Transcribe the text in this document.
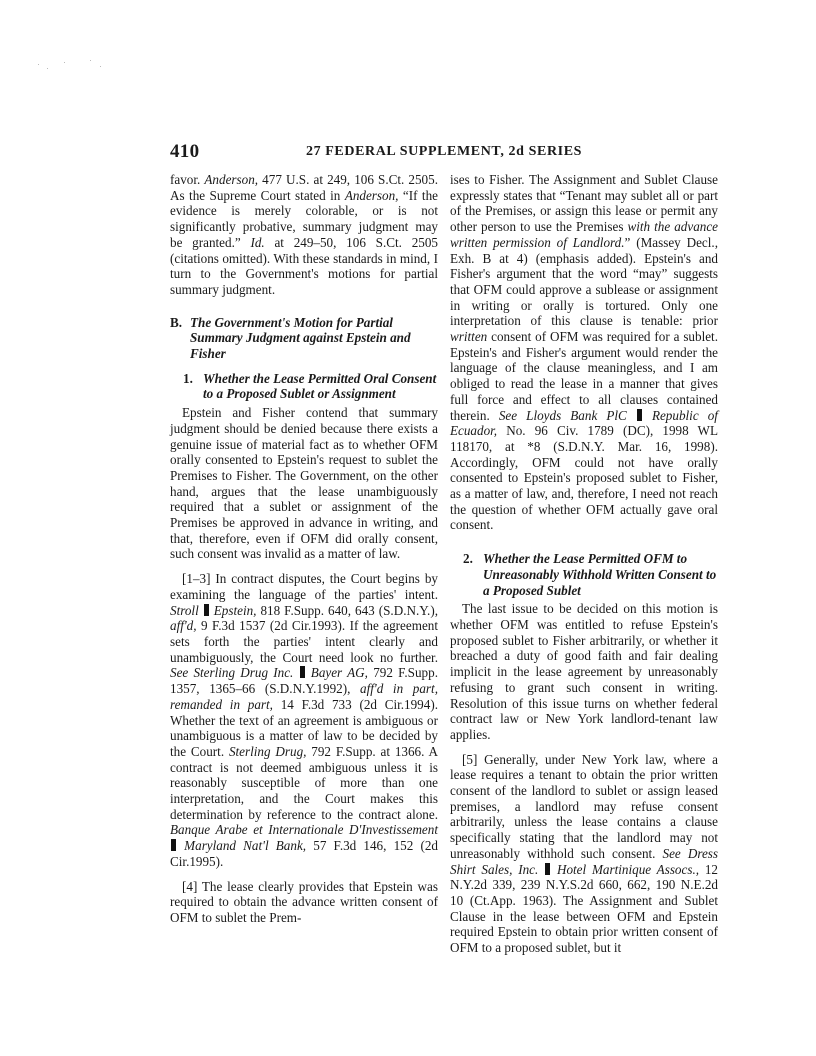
410	27 FEDERAL SUPPLEMENT, 2d SERIES

favor. Anderson, 477 U.S. at 249, 106 S.Ct. 2505. As the Supreme Court stated in Anderson, “If the evidence is merely colorable, or is not significantly probative, summary judgment may be granted.” Id. at 249–50, 106 S.Ct. 2505 (citations omitted). With these standards in mind, I turn to the Government's motions for partial summary judgment.

B. The Government's Motion for Partial Summary Judgment against Epstein and Fisher
1. Whether the Lease Permitted Oral Consent to a Proposed Sublet or Assignment

Epstein and Fisher contend that summary judgment should be denied because there exists a genuine issue of material fact as to whether OFM orally consented to Epstein's request to sublet the Premises to Fisher. The Government, on the other hand, argues that the lease unambiguously required that a sublet or assignment of the Premises be approved in advance in writing, and that, therefore, even if OFM did orally consent, such consent was invalid as a matter of law.

[1–3] In contract disputes, the Court begins by examining the language of the parties' intent. Stroll Epstein, 818 F.Supp. 640, 643 (S.D.N.Y.), aff'd, 9 F.3d 1537 (2d Cir.1993). If the agreement sets forth the parties' intent clearly and unambiguously, the Court need look no further. See Sterling Drug Inc. Bayer AG, 792 F.Supp. 1357, 1365–66 (S.D.N.Y.1992), aff'd in part, remanded in part, 14 F.3d 733 (2d Cir.1994). Whether the text of an agreement is ambiguous or unambiguous is a matter of law to be decided by the Court. Sterling Drug, 792 F.Supp. at 1366. A contract is not deemed ambiguous unless it is reasonably susceptible of more than one interpretation, and the Court makes this determination by reference to the contract alone. Banque Arabe et Internationale D'Investissement  Maryland Nat'l Bank, 57 F.3d 146, 152 (2d Cir.1995).

[4] The lease clearly provides that Epstein was required to obtain the advance written consent of OFM to sublet the Prem-

ises to Fisher. The Assignment and Sublet Clause expressly states that “Tenant may sublet all or part of the Premises, or assign this lease or permit any other person to use the Premises with the advance written permission of Landlord.” (Massey Decl., Exh. B at 4) (emphasis added). Epstein's and Fisher's argument that the word “may” suggests that OFM could approve a sublease or assignment in writing or orally is tortured. Only one interpretation of this clause is tenable: prior written consent of OFM was required for a sublet. Epstein's and Fisher's argument would render the language of the clause meaningless, and I am obliged to read the lease in a manner that gives full force and effect to all clauses contained therein. See Lloyds Bank PlC Republic of Ecuador, No. 96 Civ. 1789 (DC), 1998 WL 118170, at *8 (S.D.N.Y. Mar. 16, 1998). Accordingly, OFM could not have orally consented to Epstein's proposed sublet to Fisher, as a matter of law, and, therefore, I need not reach the question of whether OFM actually gave oral consent.

2. Whether the Lease Permitted OFM to Unreasonably Withhold Written Consent to a Proposed Sublet

The last issue to be decided on this motion is whether OFM was entitled to refuse Epstein's proposed sublet to Fisher arbitrarily, or whether it breached a duty of good faith and fair dealing implicit in the lease agreement by unreasonably refusing to grant such consent in writing. Resolution of this issue turns on whether federal contract law or New York landlord-tenant law applies.

[5] Generally, under New York law, where a lease requires a tenant to obtain the prior written consent of the landlord to sublet or assign leased premises, a landlord may refuse consent arbitrarily, unless the lease contains a clause specifically stating that the landlord may not unreasonably withhold such consent. See Dress Shirt Sales, Inc. Hotel Martinique Assocs., 12 N.Y.2d 339, 239 N.Y.S.2d 660, 662, 190 N.E.2d 10 (Ct.App. 1963). The Assignment and Sublet Clause in the lease between OFM and Epstein required Epstein to obtain prior written consent of OFM to a proposed sublet, but it
